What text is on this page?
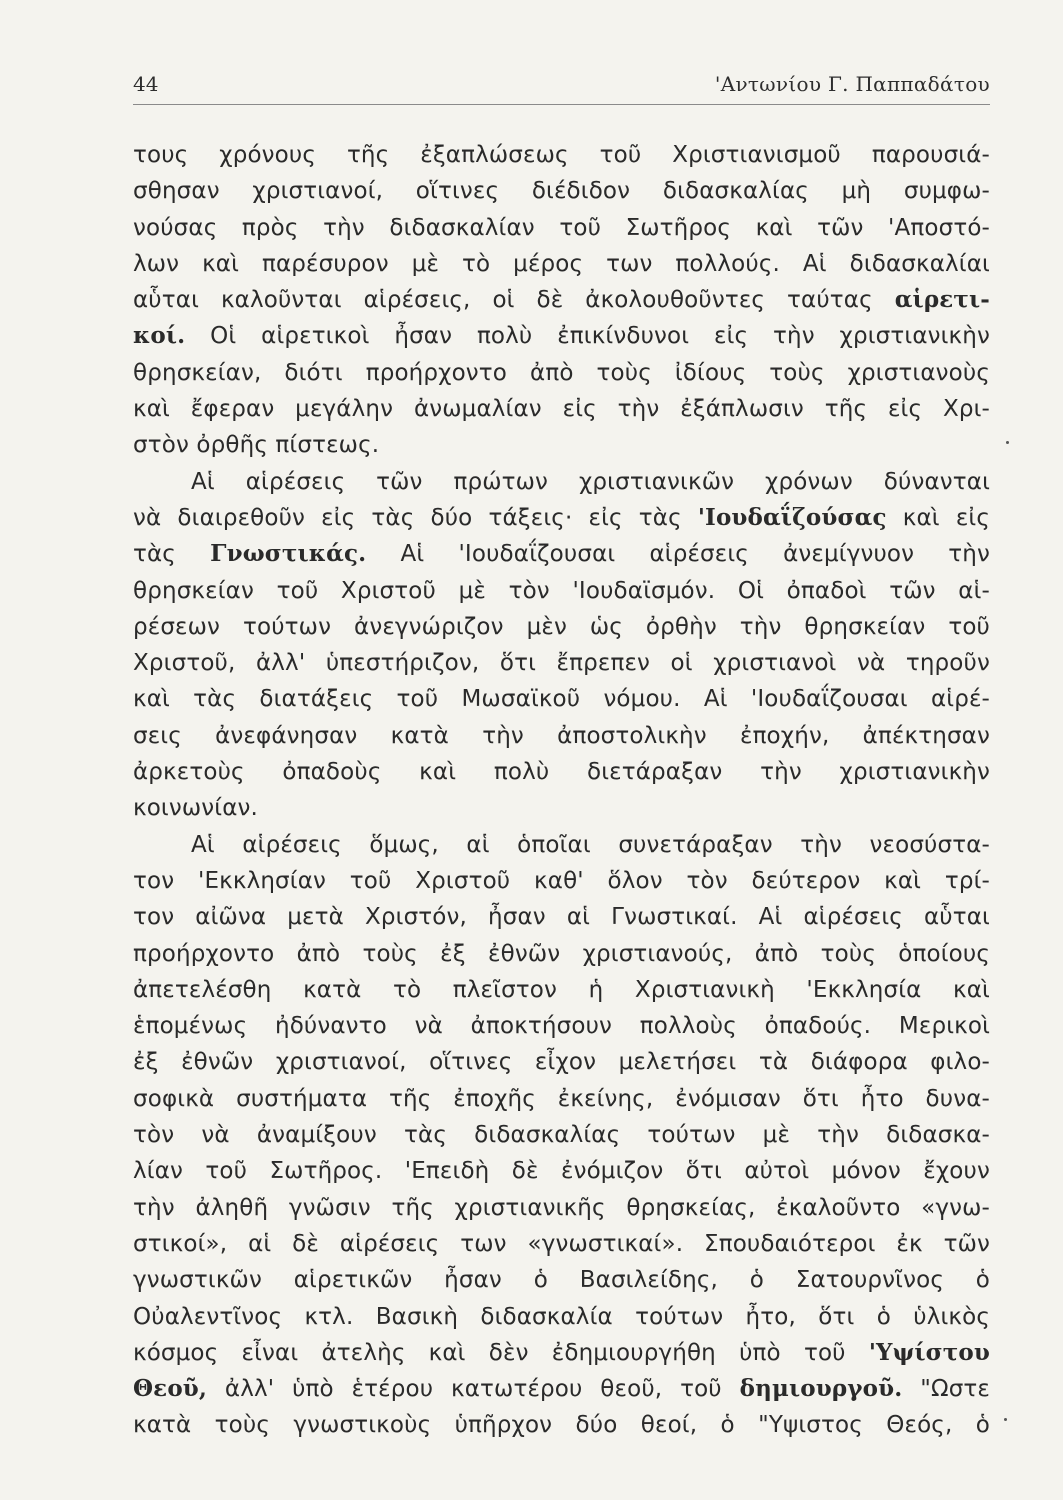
44	'Αντωνίου Γ. Παππαδάτου
τους χρόνους τῆς ἐξαπλώσεως τοῦ Χριστιανισμοῦ παρουσιά-
σθησαν χριστιανοί, οἵτινες διέδιδον διδασκαλίας μὴ συμφω-
νούσας πρὸς τὴν διδασκαλίαν τοῦ Σωτῆρος καὶ τῶν 'Αποστό-
λων καὶ παρέσυρον μὲ τὸ μέρος των πολλούς. Αἱ διδασκαλίαι
αὗται καλοῦνται αἱρέσεις, οἱ δὲ ἀκολουθοῦντες ταύτας αἱρετι-
κοί. Οἱ αἱρετικοὶ ἦσαν πολὺ ἐπικίνδυνοι εἰς τὴν χριστιανικὴν
θρησκείαν, διότι προήρχοντο ἀπὸ τοὺς ἰδίους τοὺς χριστιανοὺς
καὶ ἔφεραν μεγάλην ἀνωμαλίαν εἰς τὴν ἐξάπλωσιν τῆς εἰς Χρι-
στὸν ὀρθῆς πίστεως.
Αἱ αἱρέσεις τῶν πρώτων χριστιανικῶν χρόνων δύνανται
νὰ διαιρεθοῦν εἰς τὰς δύο τάξεις· εἰς τὰς 'Ιουδαΐζούσας καὶ εἰς
τὰς Γνωστικάς. Αἱ 'Ιουδαΐζουσαι αἱρέσεις ἀνεμίγνυον τὴν
θρησκείαν τοῦ Χριστοῦ μὲ τὸν 'Ιουδαϊσμόν. Οἱ ὀπαδοὶ τῶν αἱ-
ρέσεων τούτων ἀνεγνώριζον μὲν ὡς ὀρθὴν τὴν θρησκείαν τοῦ
Χριστοῦ, ἀλλ' ὑπεστήριζον, ὅτι ἔπρεπεν οἱ χριστιανοὶ νὰ τηροῦν
καὶ τὰς διατάξεις τοῦ Μωσαϊκοῦ νόμου. Αἱ 'Ιουδαΐζουσαι αἱρέ-
σεις ἀνεφάνησαν κατὰ τὴν ἀποστολικὴν ἐποχήν, ἀπέκτησαν
ἀρκετοὺς ὀπαδοὺς καὶ πολὺ διετάραξαν τὴν χριστιανικὴν
κοινωνίαν.
Αἱ αἱρέσεις ὅμως, αἱ ὁποῖαι συνετάραξαν τὴν νεοσύστα-
τον 'Εκκλησίαν τοῦ Χριστοῦ καθ' ὅλον τὸν δεύτερον καὶ τρί-
τον αἰῶνα μετὰ Χριστόν, ἦσαν αἱ Γνωστικαί. Αἱ αἱρέσεις αὗται
προήρχοντο ἀπὸ τοὺς ἐξ ἐθνῶν χριστιανούς, ἀπὸ τοὺς ὁποίους
ἀπετελέσθη κατὰ τὸ πλεῖστον ἡ Χριστιανικὴ 'Εκκλησία καὶ
ἑπομένως ἠδύναντο νὰ ἀποκτήσουν πολλοὺς ὀπαδούς. Μερικοὶ
ἐξ ἐθνῶν χριστιανοί, οἵτινες εἶχον μελετήσει τὰ διάφορα φιλο-
σοφικὰ συστήματα τῆς ἐποχῆς ἐκείνης, ἐνόμισαν ὅτι ἦτο δυνα-
τὸν νὰ ἀναμίξουν τὰς διδασκαλίας τούτων μὲ τὴν διδασκα-
λίαν τοῦ Σωτῆρος. 'Επειδὴ δὲ ἐνόμιζον ὅτι αὐτοὶ μόνον ἔχουν
τὴν ἀληθῆ γνῶσιν τῆς χριστιανικῆς θρησκείας, ἐκαλοῦντο «γνω-
στικοί», αἱ δὲ αἱρέσεις των «γνωστικαί». Σπουδαιότεροι ἐκ τῶν
γνωστικῶν αἱρετικῶν ἦσαν ὁ Βασιλείδης, ὁ Σατουρνῖνος ὁ
Οὐαλεντῖνος κτλ. Βασικὴ διδασκαλία τούτων ἦτο, ὅτι ὁ ὑλικὸς
κόσμος εἶναι ἀτελὴς καὶ δὲν ἐδημιουργήθη ὑπὸ τοῦ 'Υψίστου
Θεοῦ, ἀλλ' ὑπὸ ἑτέρου κατωτέρου θεοῦ, τοῦ δημιουργοῦ. "Ωστε
κατὰ τοὺς γνωστικοὺς ὑπῆρχον δύο θεοί, ὁ "Υψιστος Θεός, ὁ
